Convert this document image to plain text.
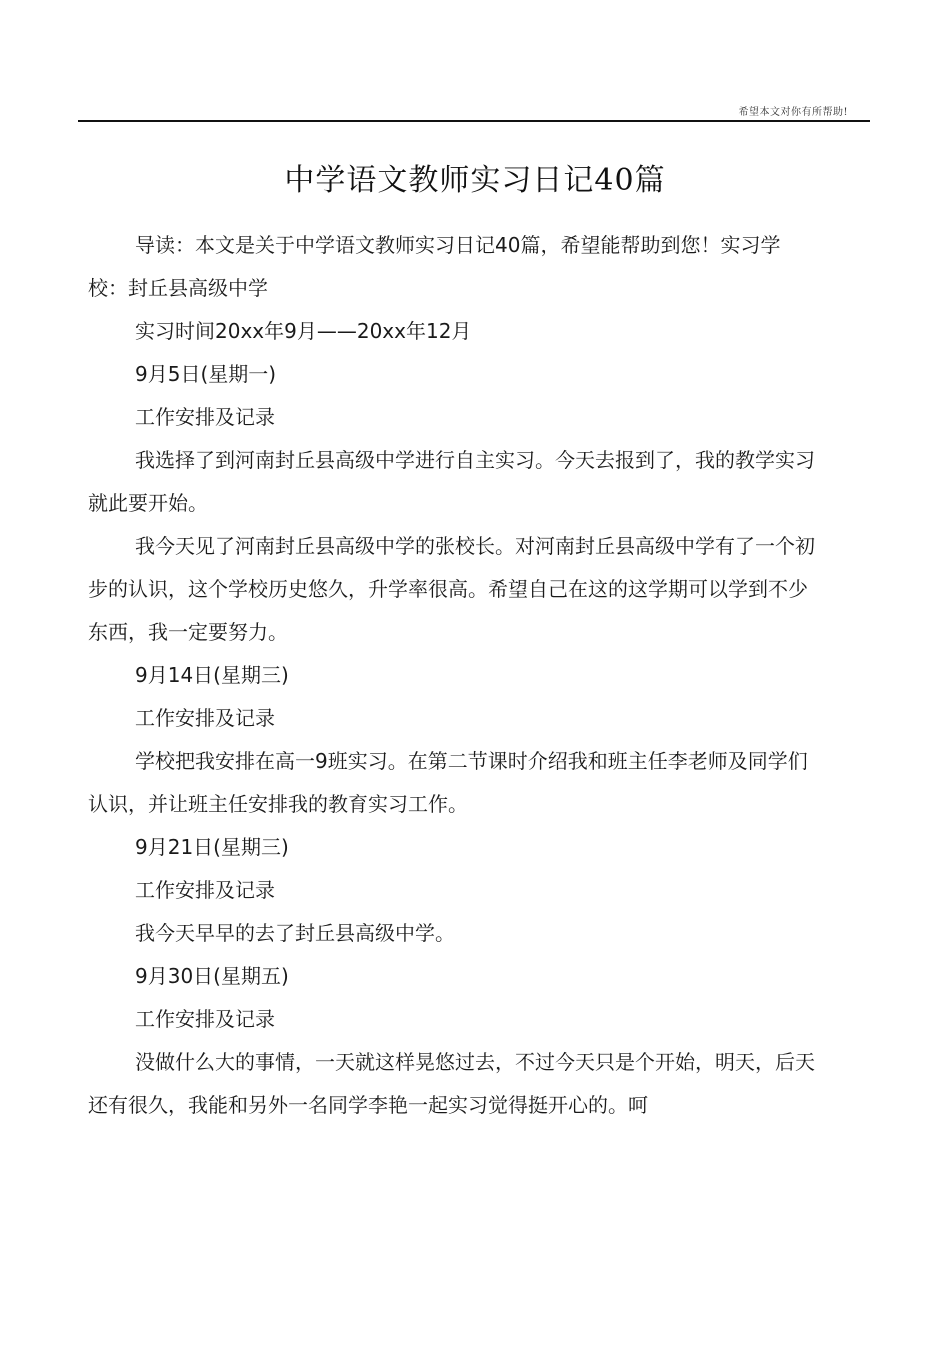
希望本文对你有所帮助!
中学语文教师实习日记40篇

导读：本文是关于中学语文教师实习日记40篇，希望能帮助到您！实习学校：封丘县高级中学

实习时间20xx年9月——20xx年12月

9月5日(星期一)

工作安排及记录

我选择了到河南封丘县高级中学进行自主实习。今天去报到了，我的教学实习就此要开始。

我今天见了河南封丘县高级中学的张校长。对河南封丘县高级中学有了一个初步的认识，这个学校历史悠久，升学率很高。希望自己在这的这学期可以学到不少东西，我一定要努力。

9月14日(星期三)

工作安排及记录

学校把我安排在高一9班实习。在第二节课时介绍我和班主任李老师及同学们认识，并让班主任安排我的教育实习工作。

9月21日(星期三)

工作安排及记录

我今天早早的去了封丘县高级中学。

9月30日(星期五)

工作安排及记录

没做什么大的事情，一天就这样晃悠过去，不过今天只是个开始，明天，后天还有很久，我能和另外一名同学李艳一起实习觉得挺开心的。呵
